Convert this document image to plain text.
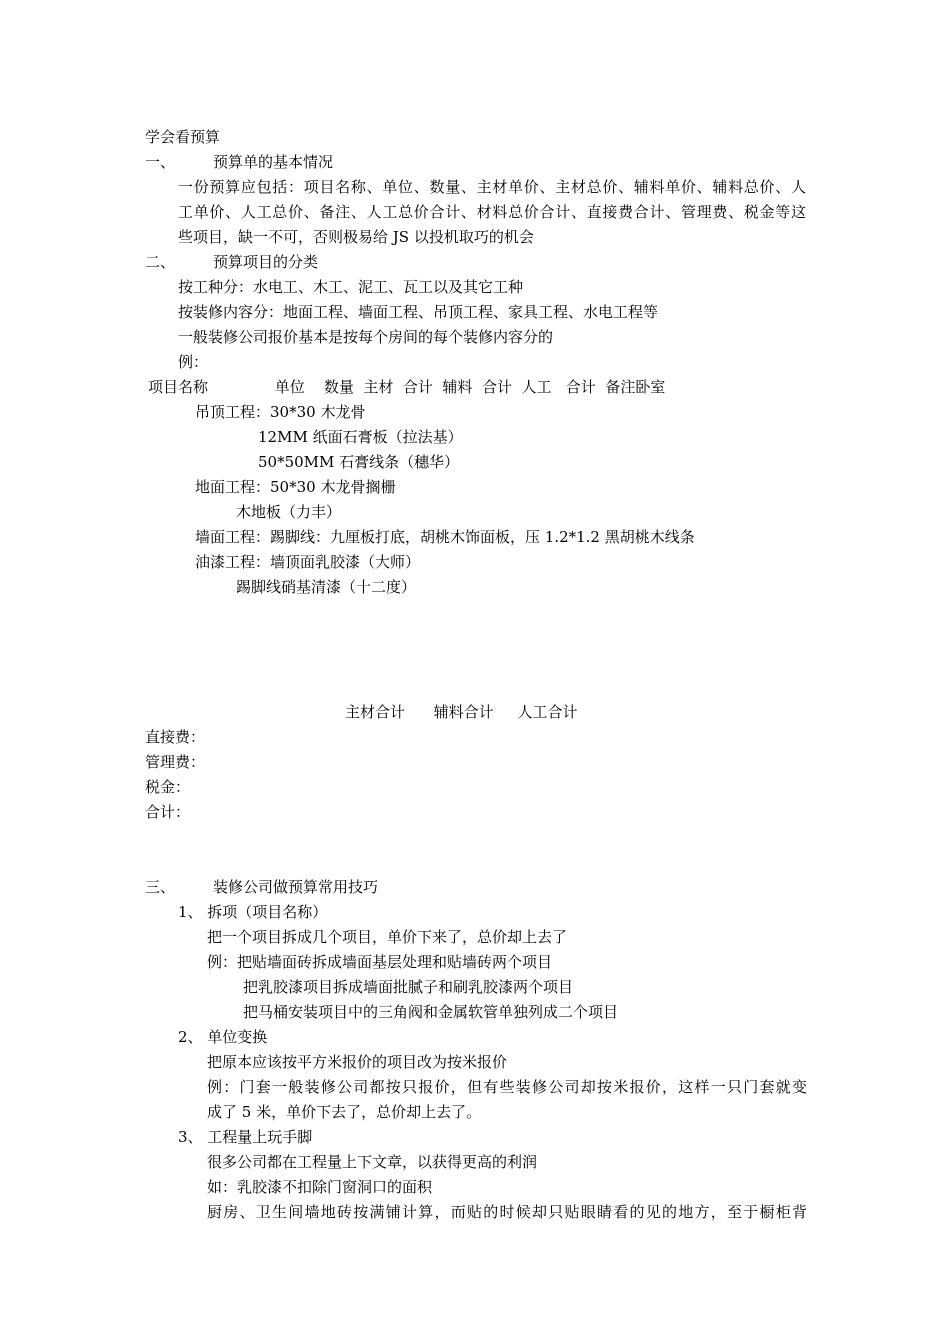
学会看预算
一、	预算单的基本情况
一份预算应包括：项目名称、单位、数量、主材单价、主材总价、辅料单价、辅料总价、人
工单价、人工总价、备注、人工总价合计、材料总价合计、直接费合计、管理费、税金等这
些项目，缺一不可，否则极易给 JS 以投机取巧的机会
二、	预算项目的分类
按工种分：水电工、木工、泥工、瓦工以及其它工种
按装修内容分：地面工程、墙面工程、吊顶工程、家具工程、水电工程等
一般装修公司报价基本是按每个房间的每个装修内容分的
例：
项目名称              单位    数量  主材  合计  辅料  合计  人工   合计  备注卧室
吊顶工程：30*30 木龙骨
12MM 纸面石膏板（拉法基）
50*50MM 石膏线条（穗华）
地面工程：50*30 木龙骨搁栅
木地板（力丰）
墙面工程：踢脚线：九厘板打底，胡桃木饰面板，压 1.2*1.2 黑胡桃木线条
油漆工程：墙顶面乳胶漆（大师）
踢脚线硝基清漆（十二度）
主材合计      辅料合计     人工合计
直接费：
管理费：
税金：
合计：
三、	装修公司做预算常用技巧
1、 拆项（项目名称）
把一个项目拆成几个项目，单价下来了，总价却上去了
例：把贴墙面砖拆成墙面基层处理和贴墙砖两个项目
把乳胶漆项目拆成墙面批腻子和刷乳胶漆两个项目
把马桶安装项目中的三角阀和金属软管单独列成二个项目
2、 单位变换
把原本应该按平方米报价的项目改为按米报价
例：门套一般装修公司都按只报价，但有些装修公司却按米报价，这样一只门套就变
成了 5 米，单价下去了，总价却上去了。
3、 工程量上玩手脚
很多公司都在工程量上下文章，以获得更高的利润
如：乳胶漆不扣除门窗洞口的面积
厨房、卫生间墙地砖按满铺计算，而贴的时候却只贴眼睛看的见的地方，至于橱柜背
